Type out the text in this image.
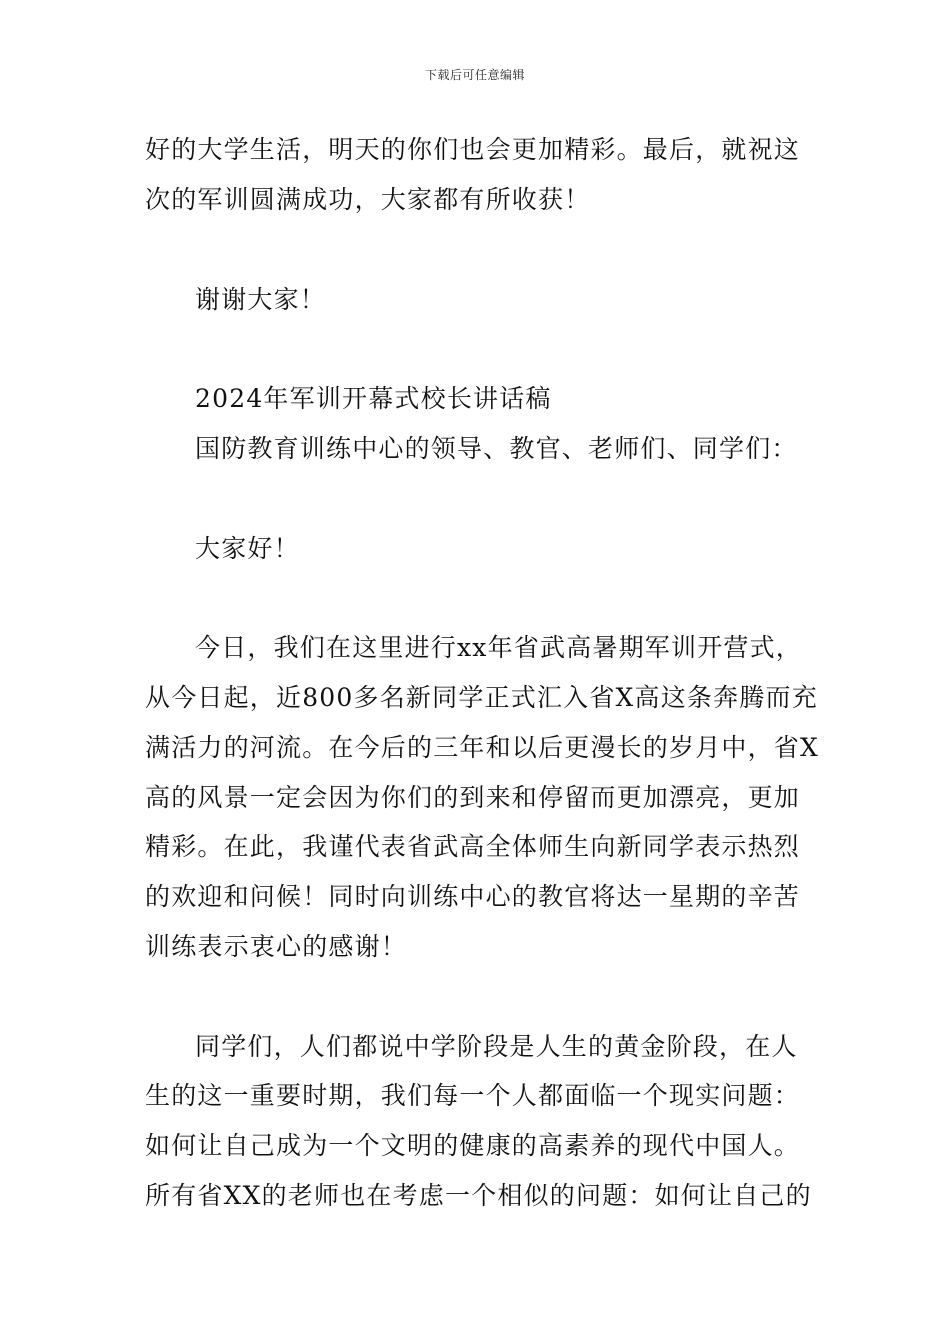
下载后可任意编辑
好的大学生活，明天的你们也会更加精彩。最后，就祝这
次的军训圆满成功，大家都有所收获！
谢谢大家！
2024年军训开幕式校长讲话稿
国防教育训练中心的领导、教官、老师们、同学们：
大家好！
今日，我们在这里进行xx年省武高暑期军训开营式，
从今日起，近800多名新同学正式汇入省X高这条奔腾而充
满活力的河流。在今后的三年和以后更漫长的岁月中，省X
高的风景一定会因为你们的到来和停留而更加漂亮，更加
精彩。在此，我谨代表省武高全体师生向新同学表示热烈
的欢迎和问候！同时向训练中心的教官将达一星期的辛苦
训练表示衷心的感谢！
同学们，人们都说中学阶段是人生的黄金阶段，在人
生的这一重要时期，我们每一个人都面临一个现实问题：
如何让自己成为一个文明的健康的高素养的现代中国人。
所有省XX的老师也在考虑一个相似的问题：如何让自己的
